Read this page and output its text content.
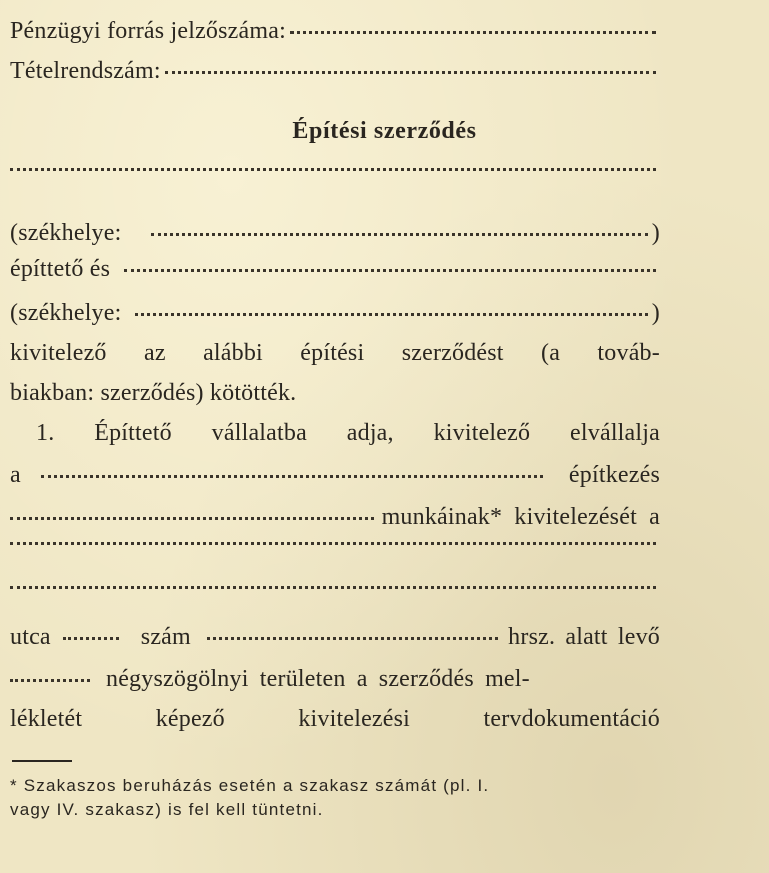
Pénzügyi forrás jelzőszáma:
Tételrendszám:
Építési szerződés
(székhelye:	)
építtető és
(székhelye:	)
kivitelező az alábbi építési szerződést (a továb-
biakban: szerződés) kötötték.
1. Építtető vállalatba adja, kivitelező elvállalja
a	építkezés
munkáinak* kivitelezését a
utca	szám	hrsz. alatt levő
négyszögölnyi területen a szerződés mel-
lékletét	képező	kivitelezési	tervdokumentáció
* Szakaszos beruházás esetén a szakasz számát (pl. I.
vagy IV. szakasz) is fel kell tüntetni.
